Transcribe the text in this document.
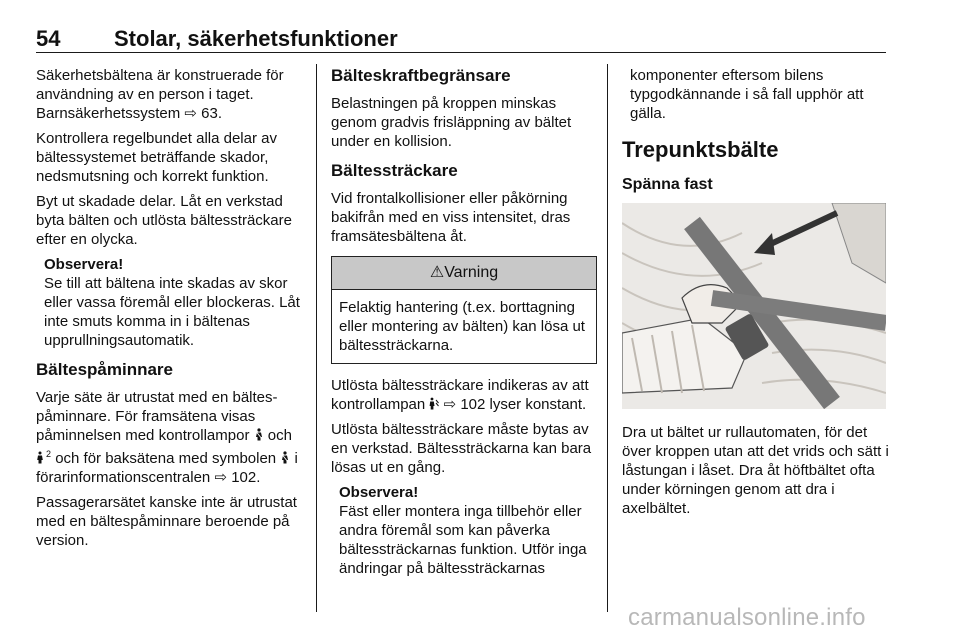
54 Stolar, säkerhetsfunktioner

Säkerhetsbältena är konstruerade för användning av en person i taget. Barnsäkerhetssystem ⇨ 63.

Kontrollera regelbundet alla delar av bältessystemet beträffande skador, nedsmutsning och korrekt funktion.

Byt ut skadade delar. Låt en verkstad byta bälten och utlösta bältessträckare efter en olycka.

Observera!

Se till att bältena inte skadas av skor eller vassa föremål eller blockeras. Låt inte smuts komma in i bältenas upprullningsautomatik.

Bältespåminnare

Varje säte är utrustat med en bältespåminnare. För framsätena visas påminnelsen med kontrollampor och $^2$ och för baksätena med symbolen i förarinformationscentralen ⇨ 102.

Passagerarsätet kanske inte är utrustat med en bältespåminnare beroende på version.

Bälteskraftbegränsare

Belastningen på kroppen minskas genom gradvis frisläppning av bältet under en kollision.

Bältessträckare

Vid frontalkollisioner eller påkörning bakifrån med en viss intensitet, dras framsätesbältena åt.

⚠Varning
Felaktig hantering (t.ex. borttagning eller montering av bälten) kan lösa ut bältessträckarna.

Utlösta bältessträckare indikeras av att kontrollampan ⇨ 102 lyser konstant.

Utlösta bältessträckare måste bytas av en verkstad. Bältessträckarna kan bara lösas ut en gång.

Observera!

Fäst eller montera inga tillbehör eller andra föremål som kan påverka bältessträckarnas funktion. Utför inga ändringar på bältessträckarnas

komponenter eftersom bilens typgodkännande i så fall upphör att gälla.

Trepunktsbälte
Spänna fast

Dra ut bältet ur rullautomaten, för det över kroppen utan att det vrids och sätt i låstungan i låset. Dra åt höftbältet ofta under körningen genom att dra i axelbältet.

carmanualsonline.info
